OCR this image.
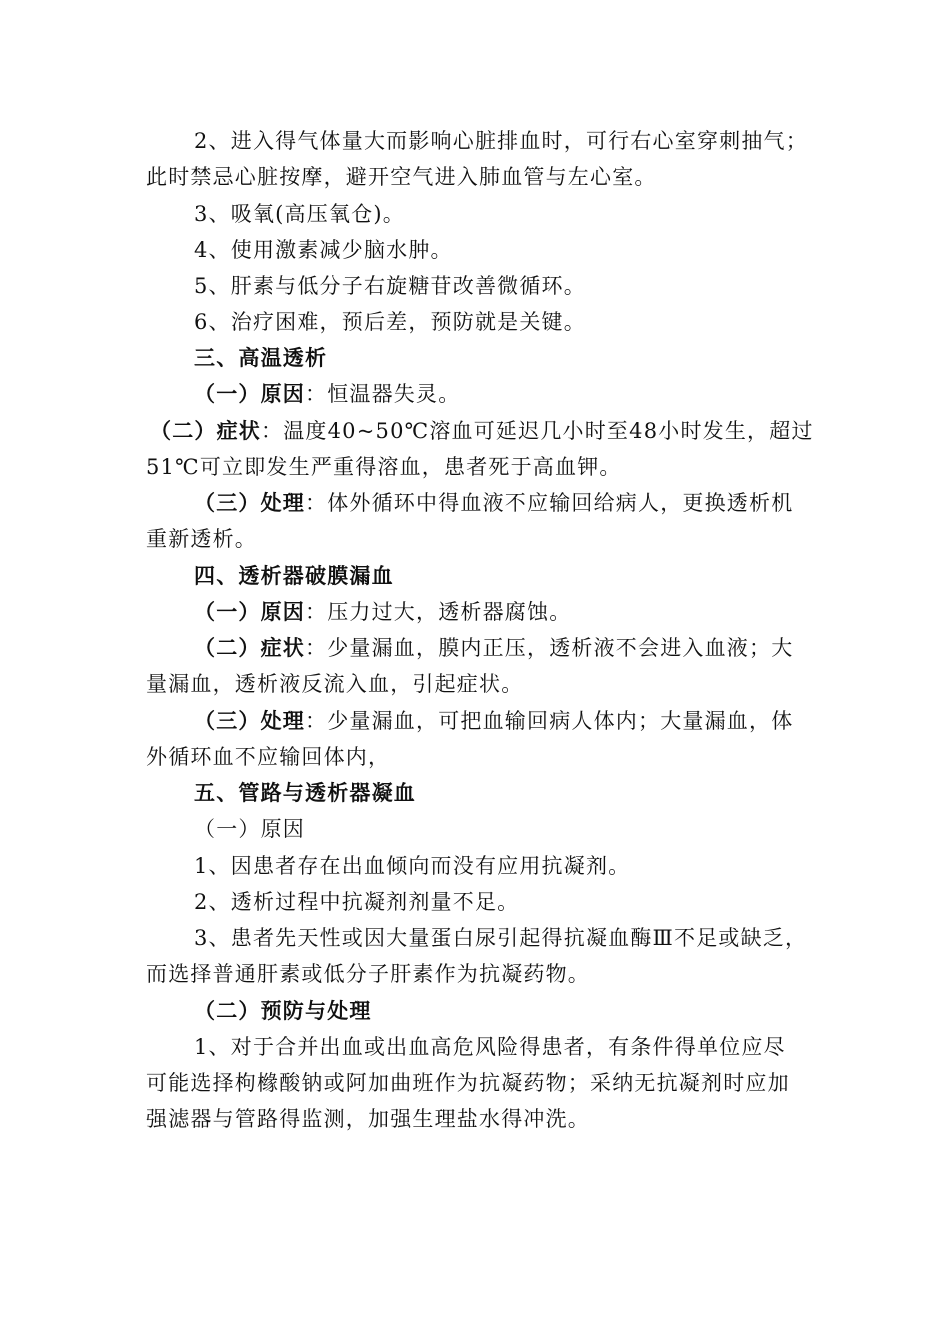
2、进入得气体量大而影响心脏排血时，可行右心室穿刺抽气；
此时禁忌心脏按摩，避开空气进入肺血管与左心室。
3、吸氧(高压氧仓)。
4、使用激素减少脑水肿。
5、肝素与低分子右旋糖苷改善微循环。
6、治疗困难，预后差，预防就是关键。
三、高温透析
（一）原因：恒温器失灵。
（二）症状：温度40~50℃溶血可延迟几小时至48小时发生，超过
51℃可立即发生严重得溶血，患者死于高血钾。
（三）处理：体外循环中得血液不应输回给病人，更换透析机
重新透析。
四、透析器破膜漏血
（一）原因：压力过大，透析器腐蚀。
（二）症状：少量漏血，膜内正压，透析液不会进入血液；大
量漏血，透析液反流入血，引起症状。
（三）处理：少量漏血，可把血输回病人体内；大量漏血，体
外循环血不应输回体内，
五、管路与透析器凝血
（一）原因
1、因患者存在出血倾向而没有应用抗凝剂。
2、透析过程中抗凝剂剂量不足。
3、患者先天性或因大量蛋白尿引起得抗凝血酶Ⅲ不足或缺乏，
而选择普通肝素或低分子肝素作为抗凝药物。
（二）预防与处理
1、对于合并出血或出血高危风险得患者，有条件得单位应尽
可能选择枸橼酸钠或阿加曲班作为抗凝药物；采纳无抗凝剂时应加
强滤器与管路得监测，加强生理盐水得冲洗。
